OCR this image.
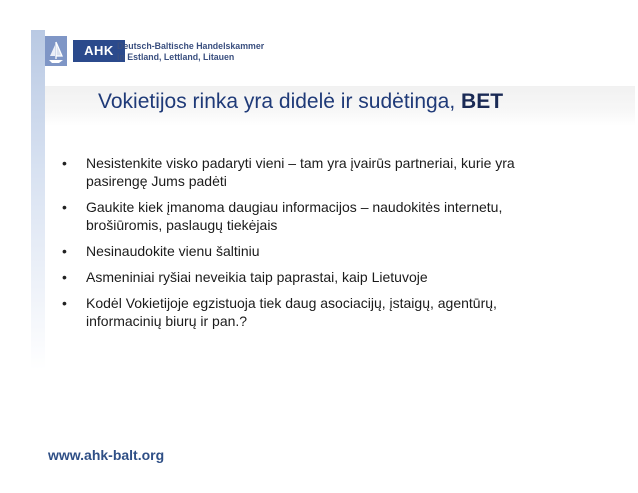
AHK Deutsch-Baltische Handelskammer
in Estland, Lettland, Litauen
Vokietijos rinka yra didelė ir sudėtinga, BET
• Nesistenkite visko padaryti vieni – tam yra įvairūs partneriai, kurie yra
pasirengę Jums padėti
• Gaukite kiek įmanoma daugiau informacijos – naudokitės internetu,
brošiūromis, paslaugų tiekėjais
• Nesinaudokite vienu šaltiniu
• Asmeniniai ryšiai neveikia taip paprastai, kaip Lietuvoje
• Kodėl Vokietijoje egzistuoja tiek daug asociacijų, įstaigų, agentūrų,
informacinių biurų ir pan.?
www.ahk-balt.org
